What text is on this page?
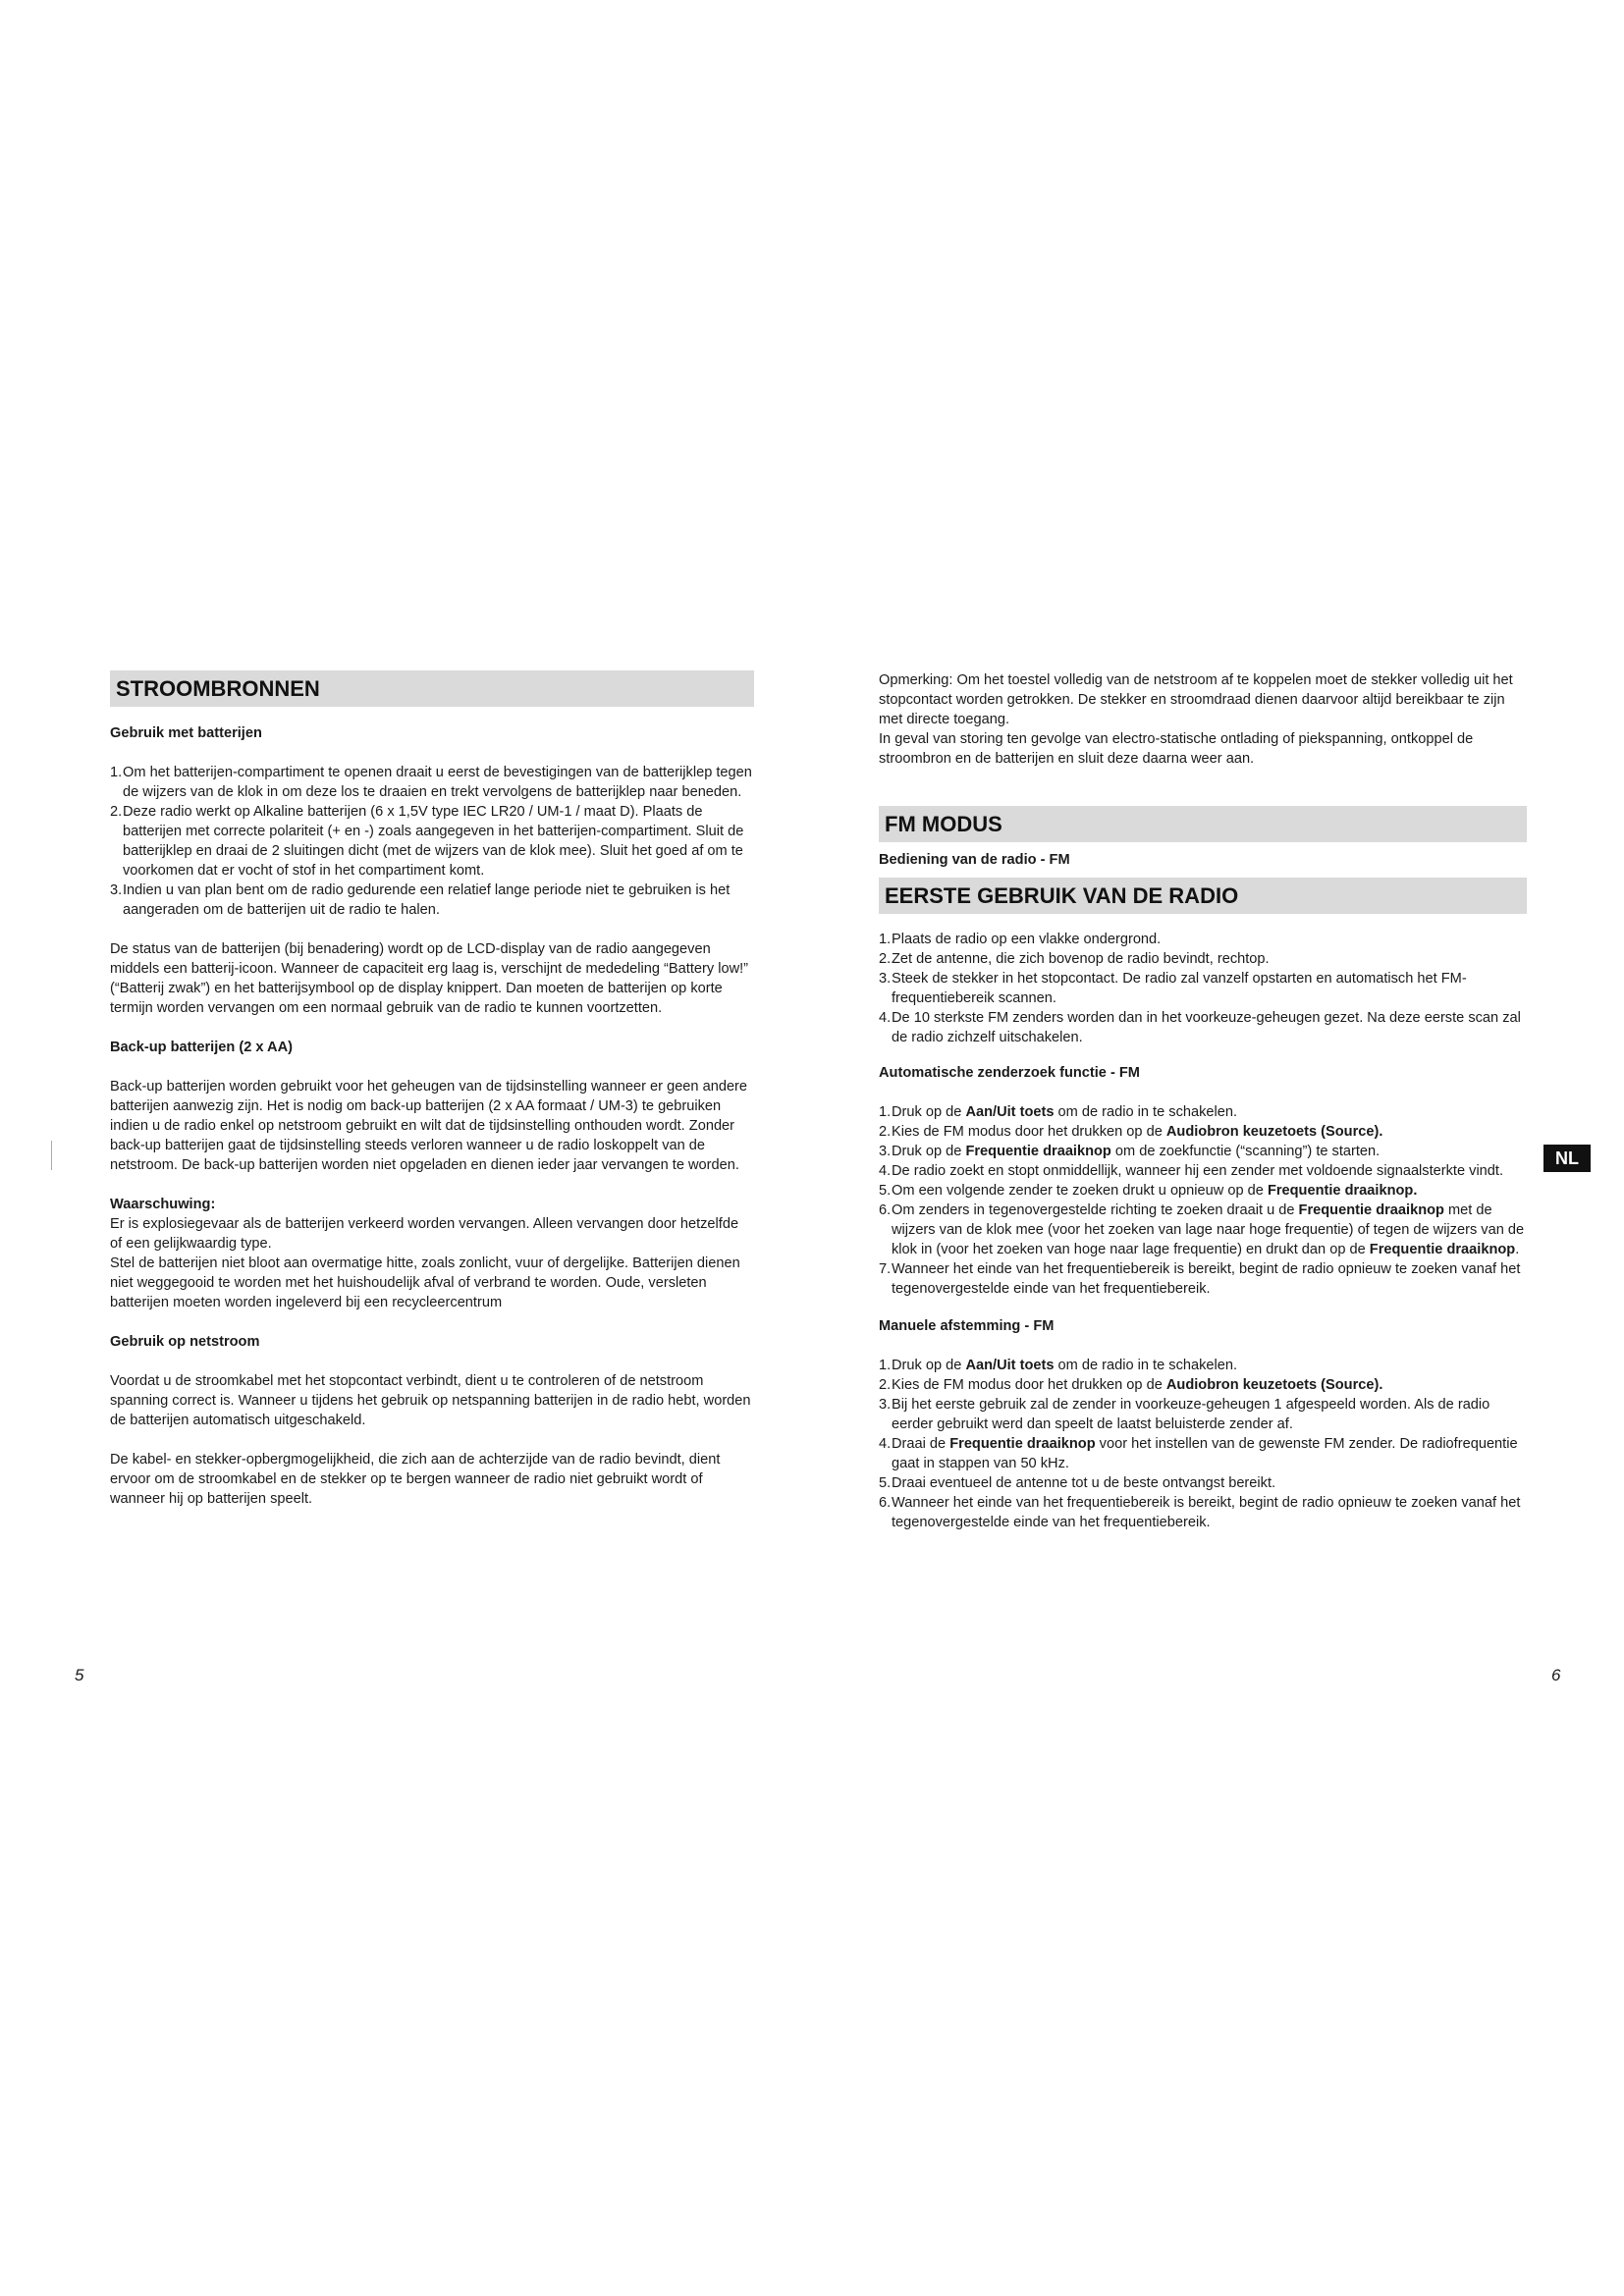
STROOMBRONNEN

Gebruik met batterijen

1.Om het batterijen-compartiment te openen draait u eerst de bevestigingen van de batterijklep tegen de wijzers van de klok in om deze los te draaien en trekt vervolgens de batterijklep naar beneden.
2.Deze radio werkt op Alkaline batterijen (6 x 1,5V type IEC LR20 / UM-1 / maat D). Plaats de batterijen met correcte polariteit (+ en -) zoals aangegeven in het batterijen-compartiment. Sluit de batterijklep en draai de 2 sluitingen dicht (met de wijzers van de klok mee). Sluit het goed af om te voorkomen dat er vocht of stof in het compartiment komt.
3.Indien u van plan bent om de radio gedurende een relatief lange periode niet te gebruiken is het aangeraden om de batterijen uit de radio te halen.

De status van de batterijen (bij benadering) wordt op de LCD-display van de radio aangegeven middels een batterij-icoon. Wanneer de capaciteit erg laag is, verschijnt de mededeling “Battery low!” (“Batterij zwak”) en het batterijsymbool op de display knippert. Dan moeten de batterijen op korte termijn worden vervangen om een normaal gebruik van de radio te kunnen voortzetten.

Back-up batterijen (2 x AA)

Back-up batterijen worden gebruikt voor het geheugen van de tijdsinstelling wanneer er geen andere batterijen aanwezig zijn. Het is nodig om back-up batterijen (2 x AA formaat / UM-3) te gebruiken indien u de radio enkel op netstroom gebruikt en wilt dat de tijdsinstelling onthouden wordt. Zonder back-up batterijen gaat de tijdsinstelling steeds verloren wanneer u de radio loskoppelt van de netstroom. De back-up batterijen worden niet opgeladen en dienen ieder jaar vervangen te worden.

Waarschuwing:

Er is explosiegevaar als de batterijen verkeerd worden vervangen. Alleen vervangen door hetzelfde of een gelijkwaardig type.

Stel de batterijen niet bloot aan overmatige hitte, zoals zonlicht, vuur of dergelijke. Batterijen dienen niet weggegooid te worden met het huishoudelijk afval of verbrand te worden. Oude, versleten batterijen moeten worden ingeleverd bij een recycleercentrum

Gebruik op netstroom

Voordat u de stroomkabel met het stopcontact verbindt, dient u te controleren of de netstroom spanning correct is. Wanneer u tijdens het gebruik op netspanning batterijen in de radio hebt, worden de batterijen automatisch uitgeschakeld.

De kabel- en stekker-opbergmogelijkheid, die zich aan de achterzijde van de radio bevindt, dient ervoor om de stroomkabel en de stekker op te bergen wanneer de radio niet gebruikt wordt of wanneer hij op batterijen speelt.

5

Opmerking: Om het toestel volledig van de netstroom af te koppelen moet de stekker volledig uit het stopcontact worden getrokken. De stekker en stroomdraad dienen daarvoor altijd bereikbaar te zijn met directe toegang.

In geval van storing ten gevolge van electro-statische ontlading of piekspanning, ontkoppel de stroombron en de batterijen en sluit deze daarna weer aan.

FM MODUS

Bediening van de radio - FM

EERSTE GEBRUIK VAN DE RADIO
1.Plaats de radio op een vlakke ondergrond.
2.Zet de antenne, die zich bovenop de radio bevindt, rechtop.
3.Steek de stekker in het stopcontact. De radio zal vanzelf opstarten en automatisch het FM-frequentiebereik scannen.
4.De 10 sterkste FM zenders worden dan in het voorkeuze-geheugen gezet. Na deze eerste scan zal de radio zichzelf uitschakelen.

Automatische zenderzoek functie - FM

1.Druk op de Aan/Uit toets om de radio in te schakelen.
2.Kies de FM modus door het drukken op de Audiobron keuzetoets (Source).
3.Druk op de Frequentie draaiknop om de zoekfunctie (“scanning”) te starten.
4.De radio zoekt en stopt onmiddellijk, wanneer hij een zender met voldoende signaalsterkte vindt.
5.Om een volgende zender te zoeken drukt u opnieuw op de Frequentie draaiknop.
6.Om zenders in tegenovergestelde richting te zoeken draait u de Frequentie draaiknop met de wijzers van de klok mee (voor het zoeken van lage naar hoge frequentie) of tegen de wijzers van de klok in (voor het zoeken van hoge naar lage frequentie) en drukt dan op de Frequentie draaiknop.
7.Wanneer het einde van het frequentiebereik is bereikt, begint de radio opnieuw te zoeken vanaf het tegenovergestelde einde van het frequentiebereik.

Manuele afstemming - FM

1.Druk op de Aan/Uit toets om de radio in te schakelen.
2.Kies de FM modus door het drukken op de Audiobron keuzetoets (Source).
3.Bij het eerste gebruik zal de zender in voorkeuze-geheugen 1 afgespeeld worden. Als de radio eerder gebruikt werd dan speelt de laatst beluisterde zender af.
4.Draai de Frequentie draaiknop voor het instellen van de gewenste FM zender. De radiofrequentie gaat in stappen van 50 kHz.
5.Draai eventueel de antenne tot u de beste ontvangst bereikt.
6.Wanneer het einde van het frequentiebereik is bereikt, begint de radio opnieuw te zoeken vanaf het tegenovergestelde einde van het frequentiebereik.
NL
6
